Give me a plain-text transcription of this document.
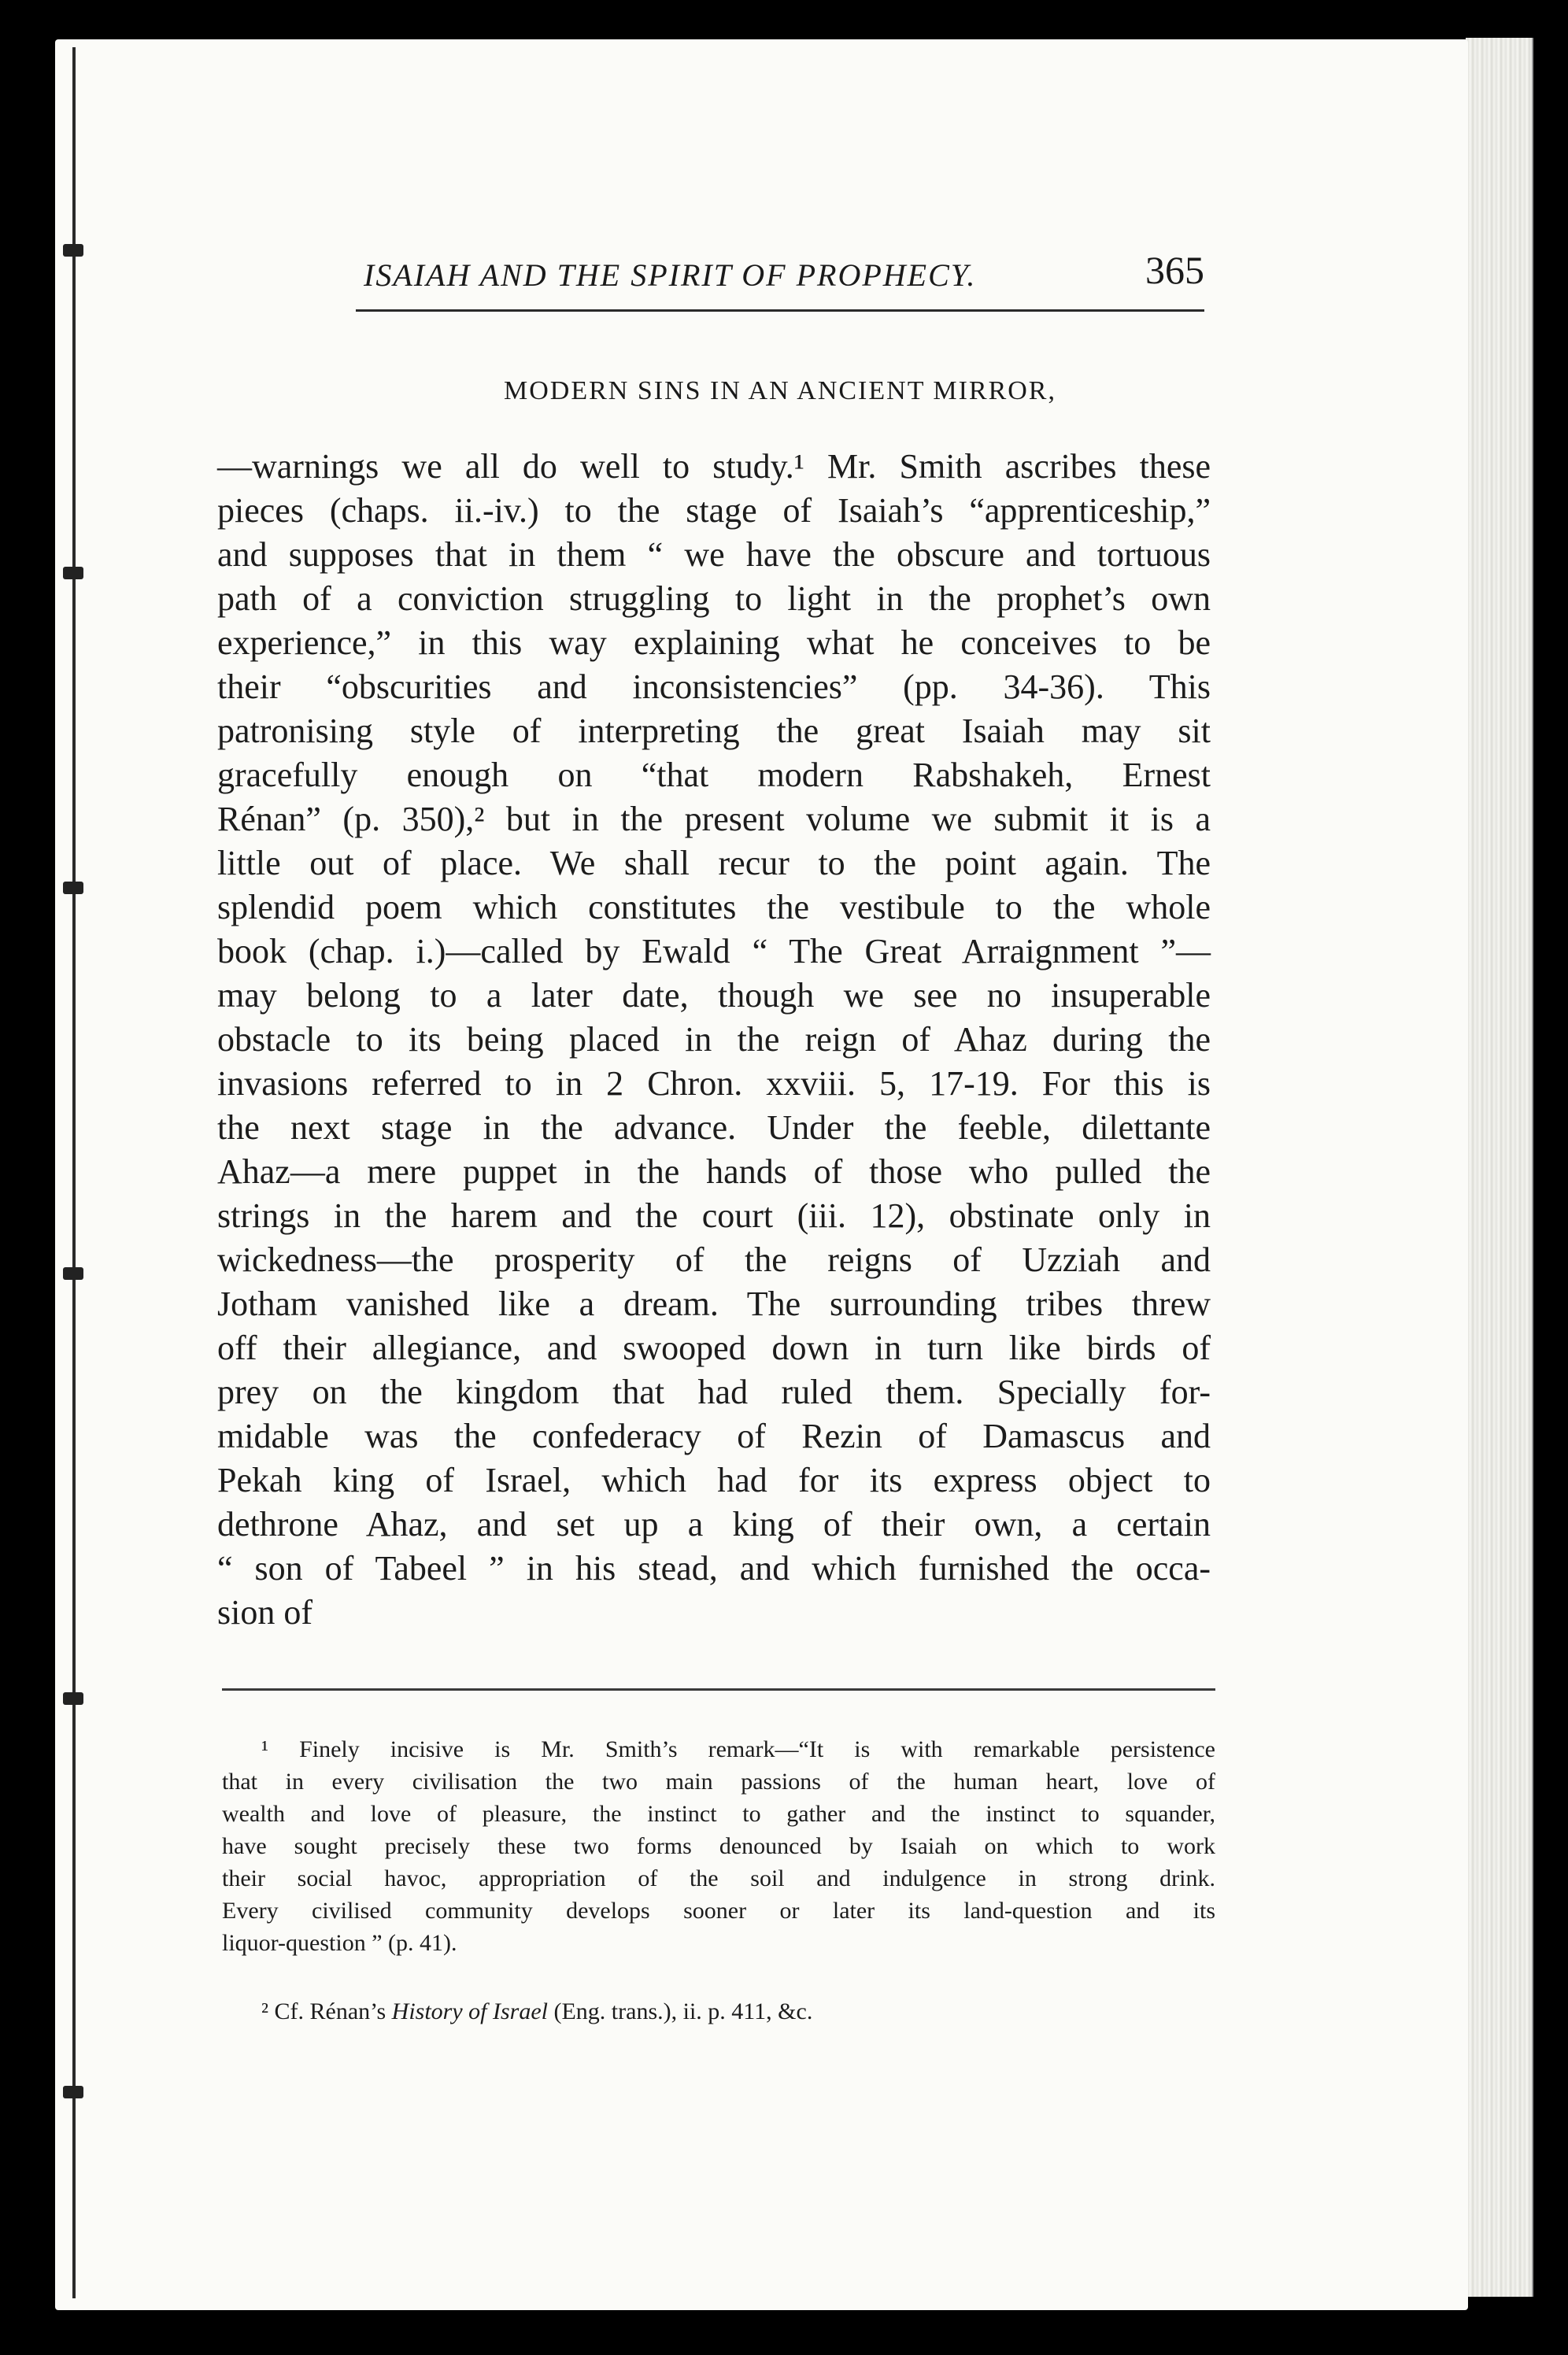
ISAIAH AND THE SPIRIT OF PROPHECY.	365
MODERN SINS IN AN ANCIENT MIRROR,
—warnings we all do well to study.¹ Mr. Smith ascribes these
pieces (chaps. ii.-iv.) to the stage of Isaiah’s “apprenticeship,”
and supposes that in them “ we have the obscure and tortuous
path of a conviction struggling to light in the prophet’s own
experience,” in this way explaining what he conceives to be
their “obscurities and inconsistencies” (pp. 34-36). This
patronising style of interpreting the great Isaiah may sit
gracefully enough on “that modern Rabshakeh, Ernest
Rénan” (p. 350),² but in the present volume we submit it is a
little out of place. We shall recur to the point again. The
splendid poem which constitutes the vestibule to the whole
book (chap. i.)—called by Ewald “ The Great Arraignment ”—
may belong to a later date, though we see no insuperable
obstacle to its being placed in the reign of Ahaz during the
invasions referred to in 2 Chron. xxviii. 5, 17-19. For this is
the next stage in the advance. Under the feeble, dilettante
Ahaz—a mere puppet in the hands of those who pulled the
strings in the harem and the court (iii. 12), obstinate only in
wickedness—the prosperity of the reigns of Uzziah and
Jotham vanished like a dream. The surrounding tribes threw
off their allegiance, and swooped down in turn like birds of
prey on the kingdom that had ruled them. Specially for-
midable was the confederacy of Rezin of Damascus and
Pekah king of Israel, which had for its express object to
dethrone Ahaz, and set up a king of their own, a certain
“ son of Tabeel ” in his stead, and which furnished the occa-
sion of
¹ Finely incisive is Mr. Smith’s remark—“It is with remarkable persistence
that in every civilisation the two main passions of the human heart, love of
wealth and love of pleasure, the instinct to gather and the instinct to squander,
have sought precisely these two forms denounced by Isaiah on which to work
their social havoc, appropriation of the soil and indulgence in strong drink.
Every civilised community develops sooner or later its land-question and its
liquor-question ” (p. 41).
² Cf. Rénan’s History of Israel (Eng. trans.), ii. p. 411, &c.
